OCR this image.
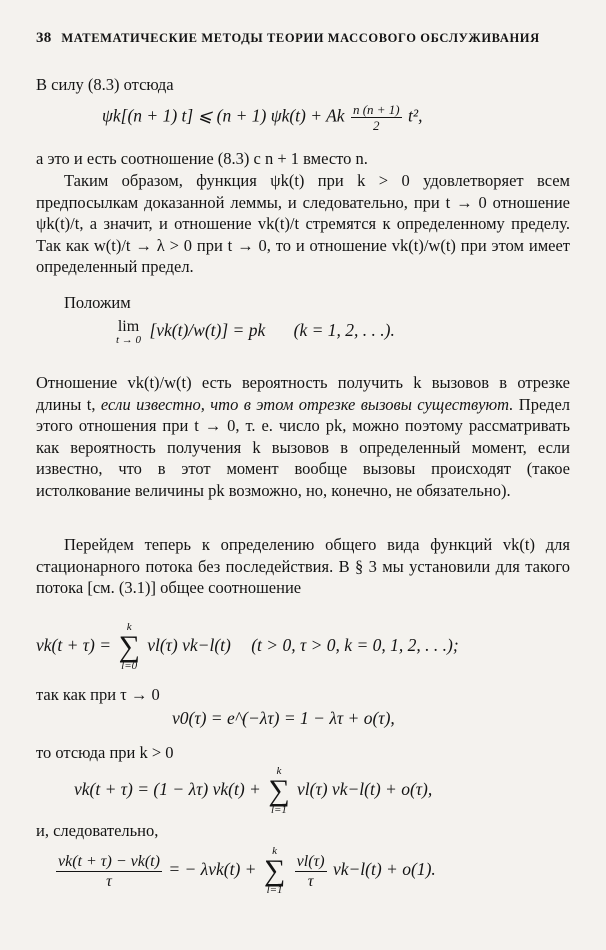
38 МАТЕМАТИЧЕСКИЕ МЕТОДЫ ТЕОРИИ МАССОВОГО ОБСЛУЖИВАНИЯ
В силу (8.3) отсюда
ψk[(n + 1) t] ⩽ (n + 1) ψk(t) + Ak $\frac{n (n + 1)}{2} t^2$,
а это и есть соотношение (8.3) с n + 1 вместо n.
Таким образом, функция ψk(t) при k > 0 удовлетворяет всем предпосылкам доказанной леммы, и следовательно, при t → 0 отношение ψk(t)/t, а значит, и отношение vk(t)/t стремятся к определенному пределу. Так как w(t)/t → λ > 0 при t → 0, то и отношение vk(t)/w(t) при этом имеет определенный предел.
Положим
lim
t → 0 [vk(t)/w(t)] = pk (k = 1, 2, . . .).
Отношение vk(t)/w(t) есть вероятность получить k вызовов в отрезке длины t, если известно, что в этом отрезке вызовы существуют. Предел этого отношения при t → 0, т. е. число pk, можно поэтому рассматривать как вероятность получения k вызовов в определенный момент, если известно, что в этот момент вообще вызовы происходят (такое истолкование величины pk возможно, но, конечно, не обязательно).
Перейдем теперь к определению общего вида функций vk(t) для стационарного потока без последействия. В § 3 мы установили для такого потока [см. (3.1)] общее соотношение
vk(t + τ) =
k
∑
l=0
vl(τ) vk−l(t) (t > 0, τ > 0, k = 0, 1, 2, . . .);
так как при τ → 0
v0(τ) = e^(−λτ) = 1 − λτ + o(τ),
то отсюда при k > 0
vk(t + τ) = (1 − λτ) vk(t) +
k
∑
l=1
vl(τ) vk−l(t) + o(τ),
и, следовательно,
$\frac{vk(t + \tau) - vk(t)}{\tau}$ = − λvk(t) +
k
∑
l=1
$\frac{vl(\tau)}{\tau} vk-l(t) + o(1)$.
